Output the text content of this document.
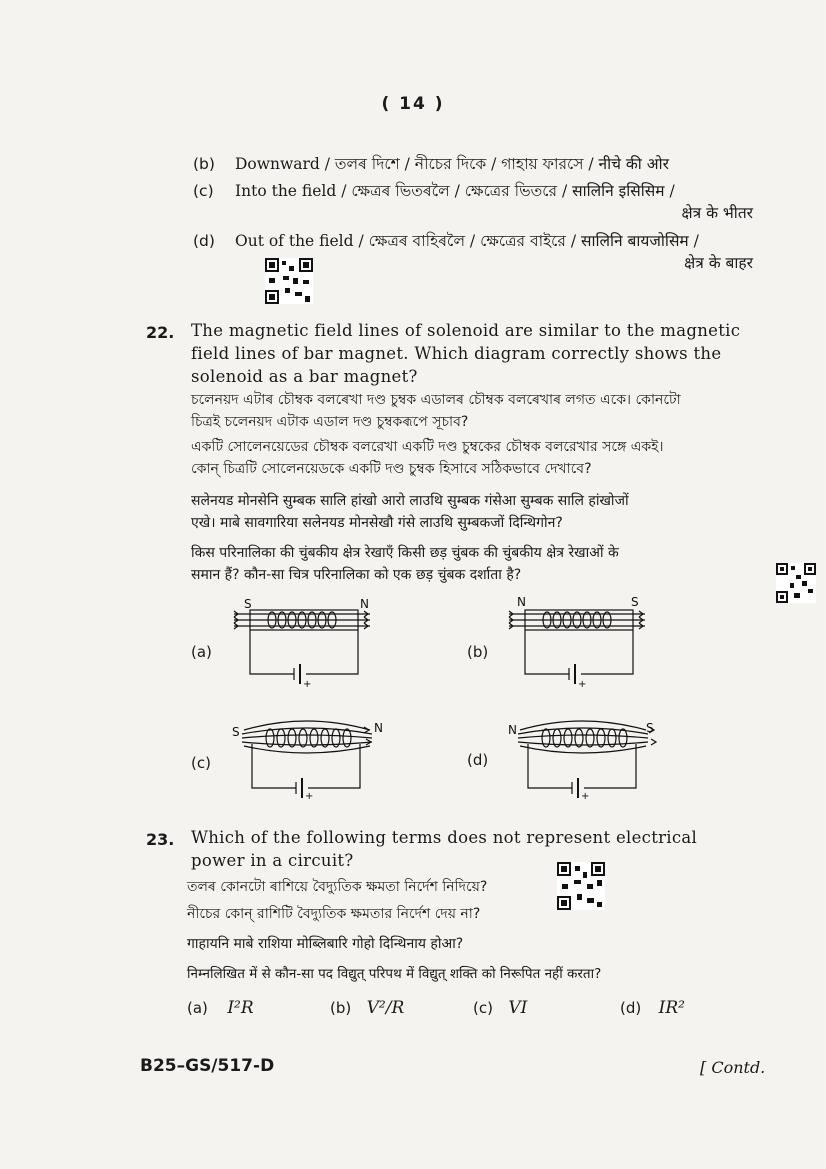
( 14 )
(b) Downward / তলৰ দিশে / নীচের দিকে / গাহায় ফারসে / नीचे की ओर
(c) Into the field / ক্ষেত্ৰৰ ভিতৰলৈ / ক্ষেত্রের ভিতরে / सालिनि इसिसिम /
क्षेत्र के भीतर
(d) Out of the field / ক্ষেত্ৰৰ বাহিৰলৈ / ক্ষেত্রের বাইরে / सालिनि बायजोसिम /
क्षेत्र के बाहर
22. The magnetic field lines of solenoid are similar to the magnetic
field lines of bar magnet. Which diagram correctly shows the
solenoid as a bar magnet?
চলেনয়দ এটাৰ চৌম্বক বলৰেখা দণ্ড চুম্বক এডালৰ চৌম্বক বলৰেখাৰ লগত একে। কোনটো
চিত্ৰই চলেনয়দ এটাক এডাল দণ্ড চুম্বকৰূপে সূচাব?
একটি সোলেনয়েডের চৌম্বক বলরেখা একটি দণ্ড চুম্বকের চৌম্বক বলরেখার সঙ্গে একই।
কোন্ চিত্রটি সোলেনয়েডকে একটি দণ্ড চুম্বক হিসাবে সঠিকভাবে দেখাবে?
सलेनयड मोनसेनि सुम्बक सालि हांखो आरो लाउथि सुम्बक गंसेआ सुम्बक सालि हांखोजों
एखे। माबे सावगारिया सलेनयड मोनसेखौ गंसे लाउथि सुम्बकजों दिन्थिगोन?
किस परिनालिका की चुंबकीय क्षेत्र रेखाएँ किसी छड़ चुंबक की चुंबकीय क्षेत्र रेखाओं के
समान हैं? कौन-सा चित्र परिनालिका को एक छड़ चुंबक दर्शाता है?
(a)	(b)
(c)	(d)
S	N
+
N	S
+
S	N
+
N	S
+
23. Which of the following terms does not represent electrical
power in a circuit?
তলৰ কোনটো ৰাশিয়ে বৈদ্যুতিক ক্ষমতা নির্দেশ নিদিয়ে?
নীচের কোন্ রাশিটি বৈদ্যুতিক ক্ষমতার নির্দেশ দেয় না?
गाहायनि माबे राशिया मोब्लिबारि गोहो दिन्थिनाय होआ?
निम्नलिखित में से कौन-सा पद विद्युत् परिपथ में विद्युत् शक्ति को निरूपित नहीं करता?
(a) I²R	(b) V²/R	(c) VI	(d) IR²
B25–GS/517-D	[ Contd.
